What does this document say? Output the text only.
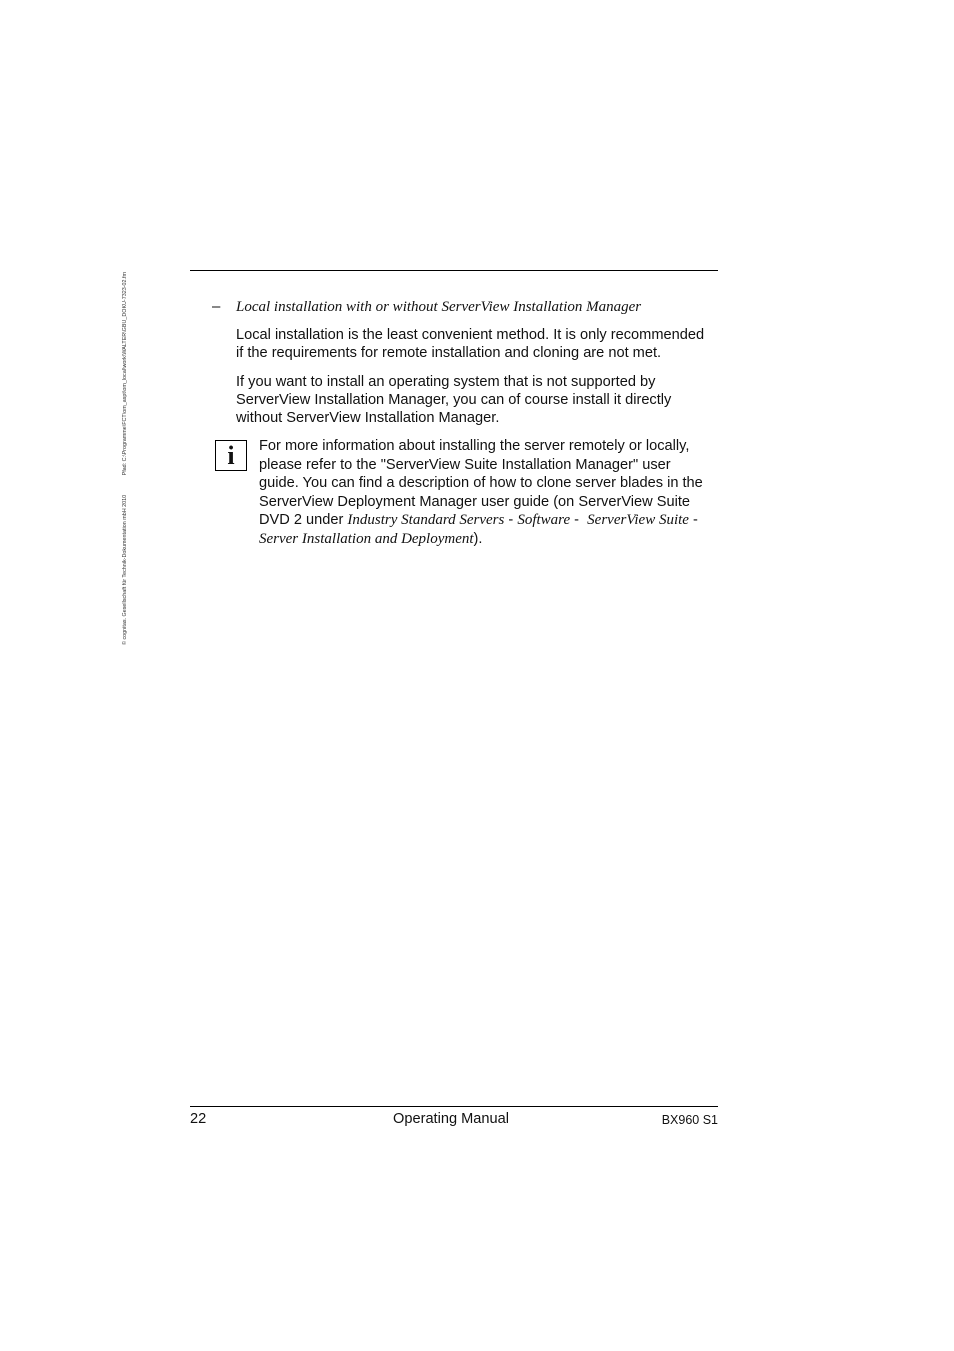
© cognitas. Gesellschaft für Technik-Dokumentation mbH 2010 Pfad: C:\Programme\FCT\om_aspt\om_local\work\WALTER\GBU_DOKU-7323-02.fm	– Local installation with or without ServerView Installation Manager
Local installation is the least convenient method. It is only recommended
if the requirements for remote installation and cloning are not met.
If you want to install an operating system that is not supported by
ServerView Installation Manager, you can of course install it directly
without ServerView Installation Manager.
i	For more information about installing the server remotely or locally,
please refer to the "ServerView Suite Installation Manager" user
guide. You can find a description of how to clone server blades in the
ServerView Deployment Manager user guide (on ServerView Suite
DVD 2 under Industry Standard Servers - Software -  ServerView Suite -
Server Installation and Deployment).
22	Operating Manual	BX960 S1
